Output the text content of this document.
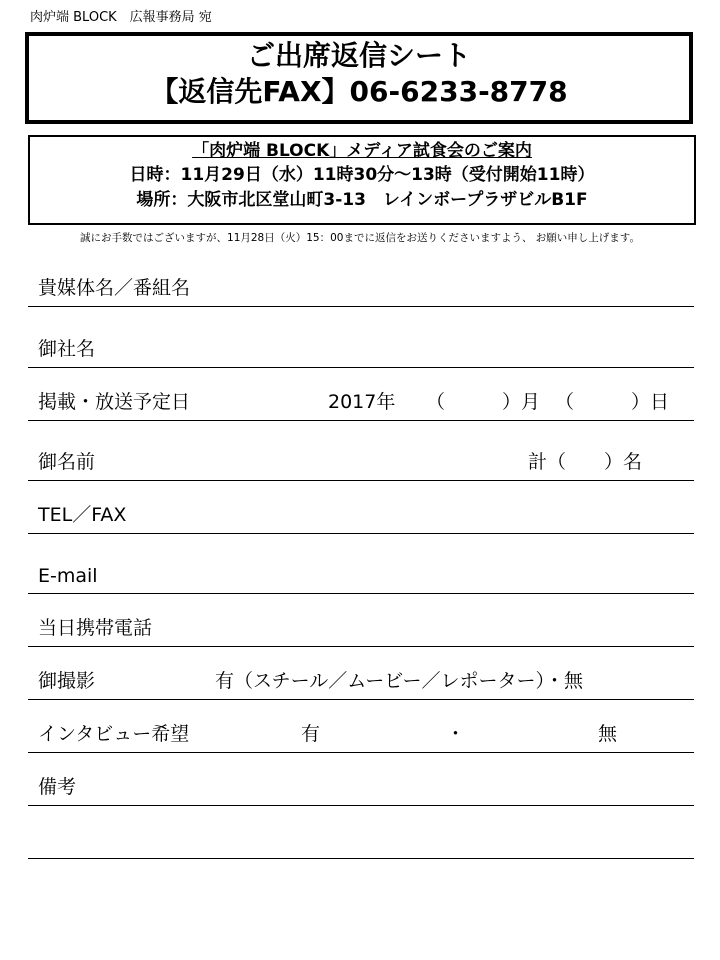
肉炉端 BLOCK　広報事務局 宛
ご出席返信シート
【返信先FAX】06-6233-8778
「肉炉端 BLOCK」メディア試食会のご案内
日時：11月29日（水）11時30分～13時（受付開始11時）
場所：大阪市北区堂山町3-13　レインボープラザビルB1F
誠にお手数ではございますが、11月28日（火）15：00までに返信をお送りくださいますよう、 お願い申し上げます。
貴媒体名／番組名
御社名
掲載・放送予定日	2017年 （　　　）月 （　　　）日
御名前	計（　　）名
TEL／FAX
E-mail
当日携帯電話
御撮影	有（スチール／ムービー／レポーター）・無
インタビュー希望	有	・	無
備考
